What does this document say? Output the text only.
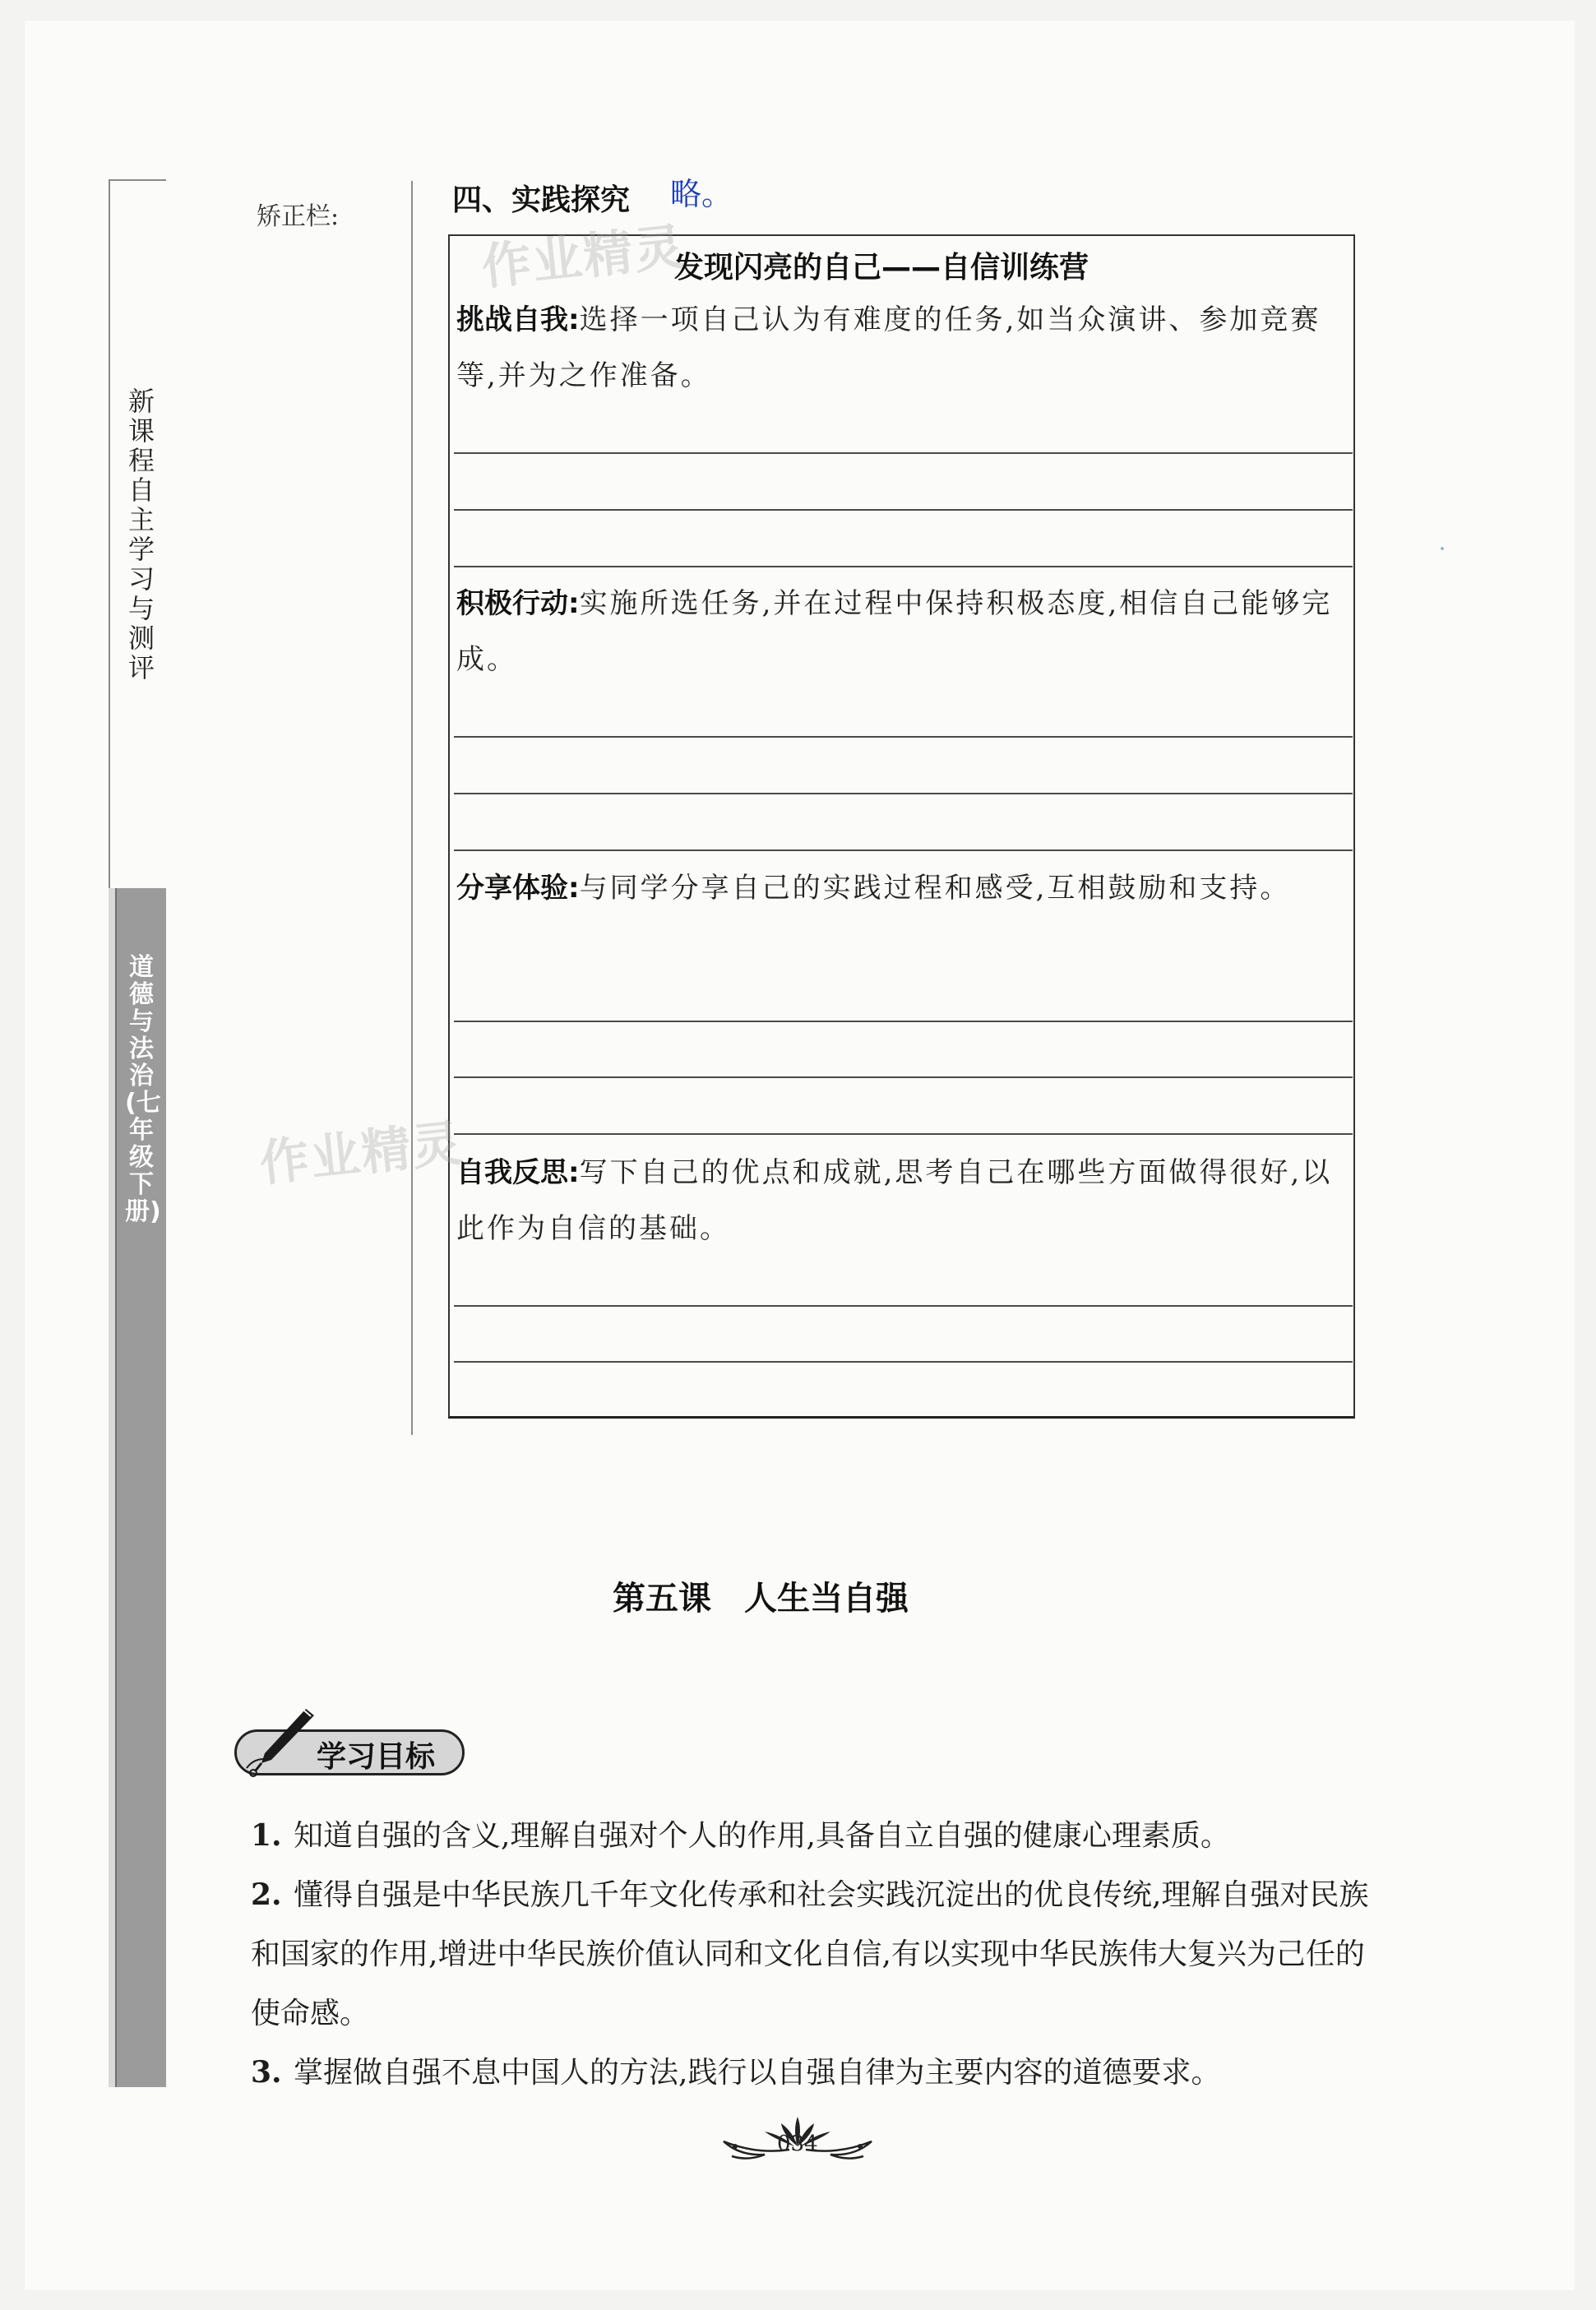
新课程自主学习与测评
道德与法治(七年级下册)
矫正栏:	四、实践探究 略。
发现闪亮的自己——自信训练营
挑战自我:选择一项自己认为有难度的任务,如当众演讲、参加竞赛等,并为之作准备。
积极行动:实施所选任务,并在过程中保持积极态度,相信自己能够完成。
分享体验:与同学分享自己的实践过程和感受,互相鼓励和支持。
自我反思:写下自己的优点和成就,思考自己在哪些方面做得很好,以此作为自信的基础。
作业精灵
作业精灵
第五课　人生当自强
学习目标
1. 知道自强的含义,理解自强对个人的作用,具备自立自强的健康心理素质。
2. 懂得自强是中华民族几千年文化传承和社会实践沉淀出的优良传统,理解自强对民族和国家的作用,增进中华民族价值认同和文化自信,有以实现中华民族伟大复兴为己任的使命感。
3. 掌握做自强不息中国人的方法,践行以自强自律为主要内容的道德要求。
034
